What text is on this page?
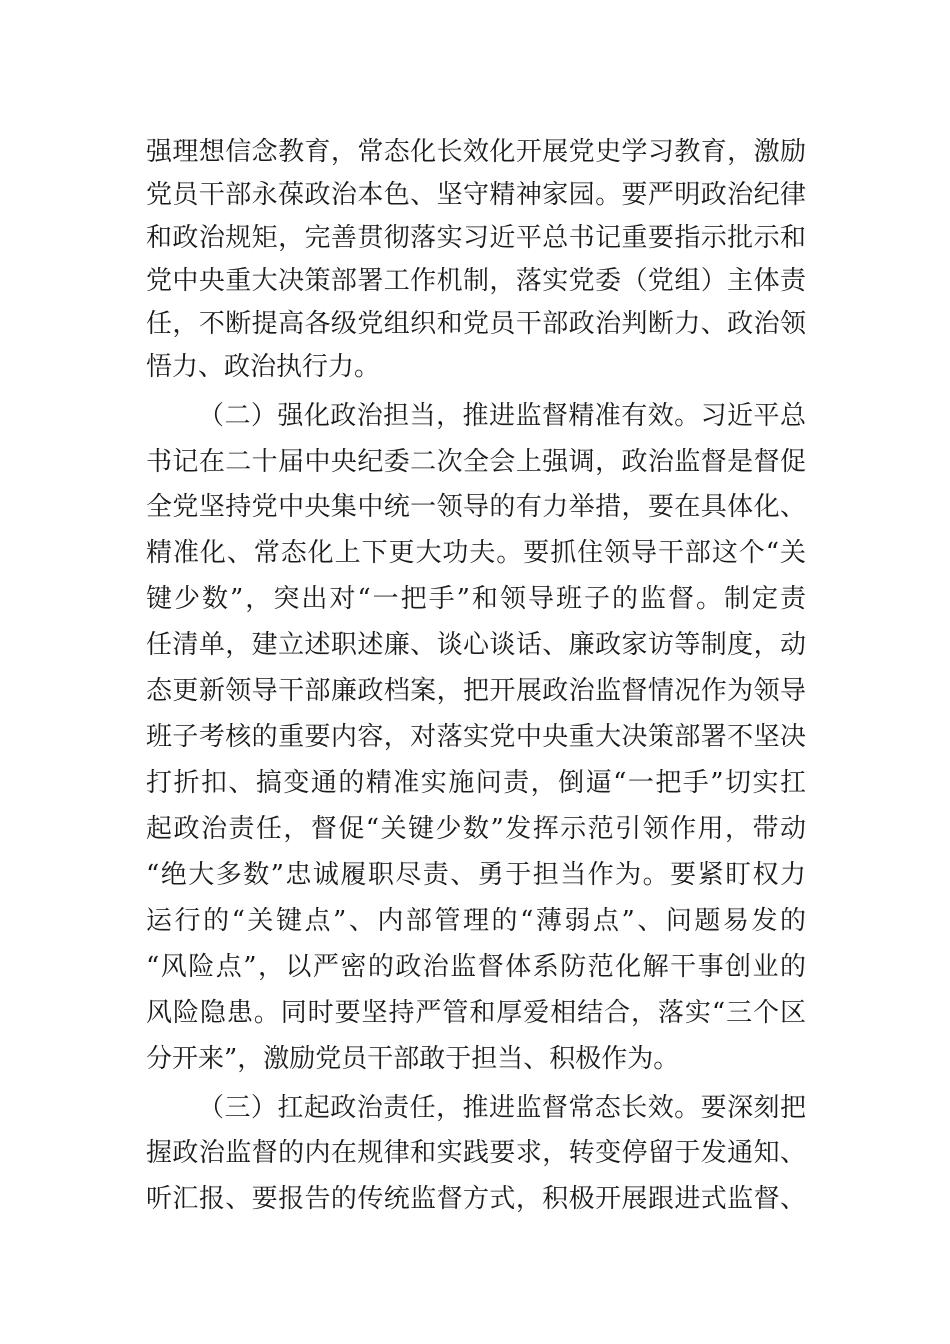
强理想信念教育，常态化长效化开展党史学习教育，激励
党员干部永葆政治本色、坚守精神家园。要严明政治纪律
和政治规矩，完善贯彻落实习近平总书记重要指示批示和
党中央重大决策部署工作机制，落实党委（党组）主体责
任，不断提高各级党组织和党员干部政治判断力、政治领
悟力、政治执行力。
（二）强化政治担当，推进监督精准有效。习近平总
书记在二十届中央纪委二次全会上强调，政治监督是督促
全党坚持党中央集中统一领导的有力举措，要在具体化、
精准化、常态化上下更大功夫。要抓住领导干部这个“关
键少数”，突出对“一把手”和领导班子的监督。制定责
任清单，建立述职述廉、谈心谈话、廉政家访等制度，动
态更新领导干部廉政档案，把开展政治监督情况作为领导
班子考核的重要内容，对落实党中央重大决策部署不坚决
打折扣、搞变通的精准实施问责，倒逼“一把手”切实扛
起政治责任，督促“关键少数”发挥示范引领作用，带动
“绝大多数”忠诚履职尽责、勇于担当作为。要紧盯权力
运行的“关键点”、内部管理的“薄弱点”、问题易发的
“风险点”，以严密的政治监督体系防范化解干事创业的
风险隐患。同时要坚持严管和厚爱相结合，落实“三个区
分开来”，激励党员干部敢于担当、积极作为。
（三）扛起政治责任，推进监督常态长效。要深刻把
握政治监督的内在规律和实践要求，转变停留于发通知、
听汇报、要报告的传统监督方式，积极开展跟进式监督、
